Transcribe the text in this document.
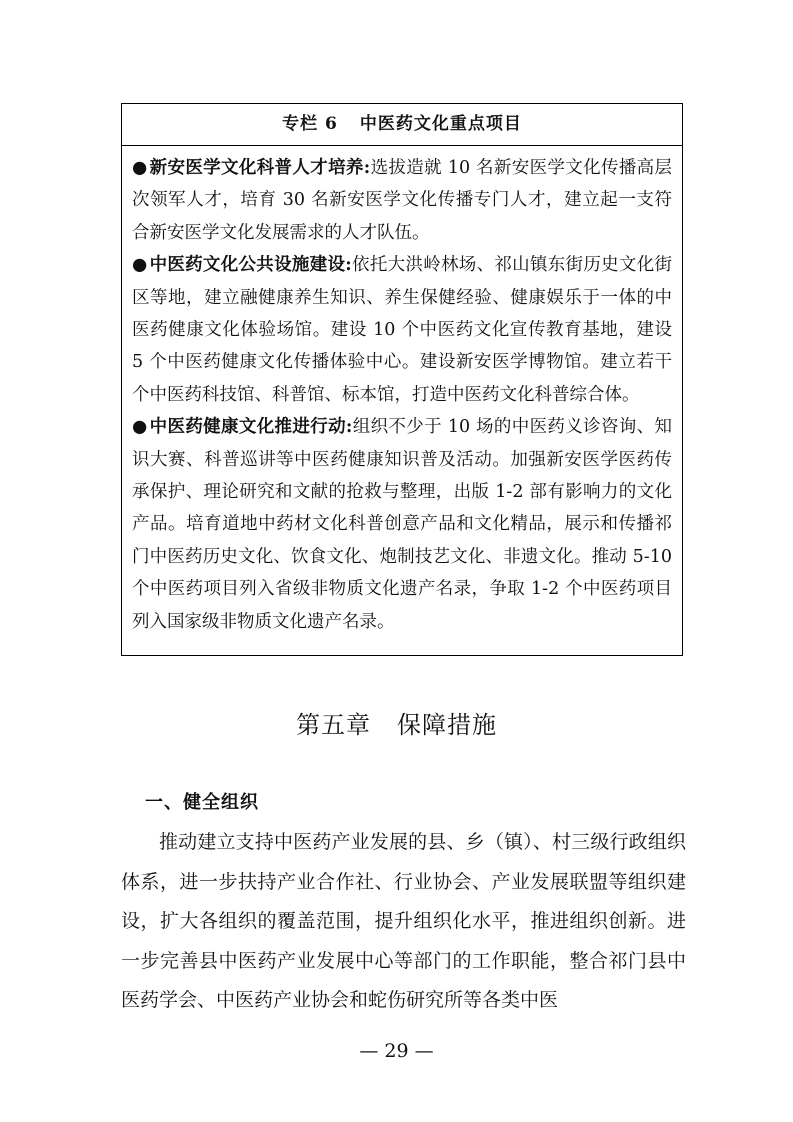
专栏 6 中医药文化重点项目

● 新安医学文化科普人才培养:选拔造就 10 名新安医学文化传播高层次领军人才，培育 30 名新安医学文化传播专门人才，建立起一支符合新安医学文化发展需求的人才队伍。

● 中医药文化公共设施建设:依托大洪岭林场、祁山镇东街历史文化街区等地，建立融健康养生知识、养生保健经验、健康娱乐于一体的中医药健康文化体验场馆。建设 10 个中医药文化宣传教育基地，建设 5 个中医药健康文化传播体验中心。建设新安医学博物馆。建立若干个中医药科技馆、科普馆、标本馆，打造中医药文化科普综合体。

● 中医药健康文化推进行动:组织不少于 10 场的中医药义诊咨询、知识大赛、科普巡讲等中医药健康知识普及活动。加强新安医学医药传承保护、理论研究和文献的抢救与整理，出版 1-2 部有影响力的文化产品。培育道地中药材文化科普创意产品和文化精品，展示和传播祁门中医药历史文化、饮食文化、炮制技艺文化、非遗文化。推动 5-10 个中医药项目列入省级非物质文化遗产名录，争取 1-2 个中医药项目列入国家级非物质文化遗产名录。

第五章 保障措施
一、健全组织

推动建立支持中医药产业发展的县、乡（镇）、村三级行政组织体系，进一步扶持产业合作社、行业协会、产业发展联盟等组织建设，扩大各组织的覆盖范围，提升组织化水平，推进组织创新。进一步完善县中医药产业发展中心等部门的工作职能，整合祁门县中医药学会、中医药产业协会和蛇伤研究所等各类中医

— 29 —
